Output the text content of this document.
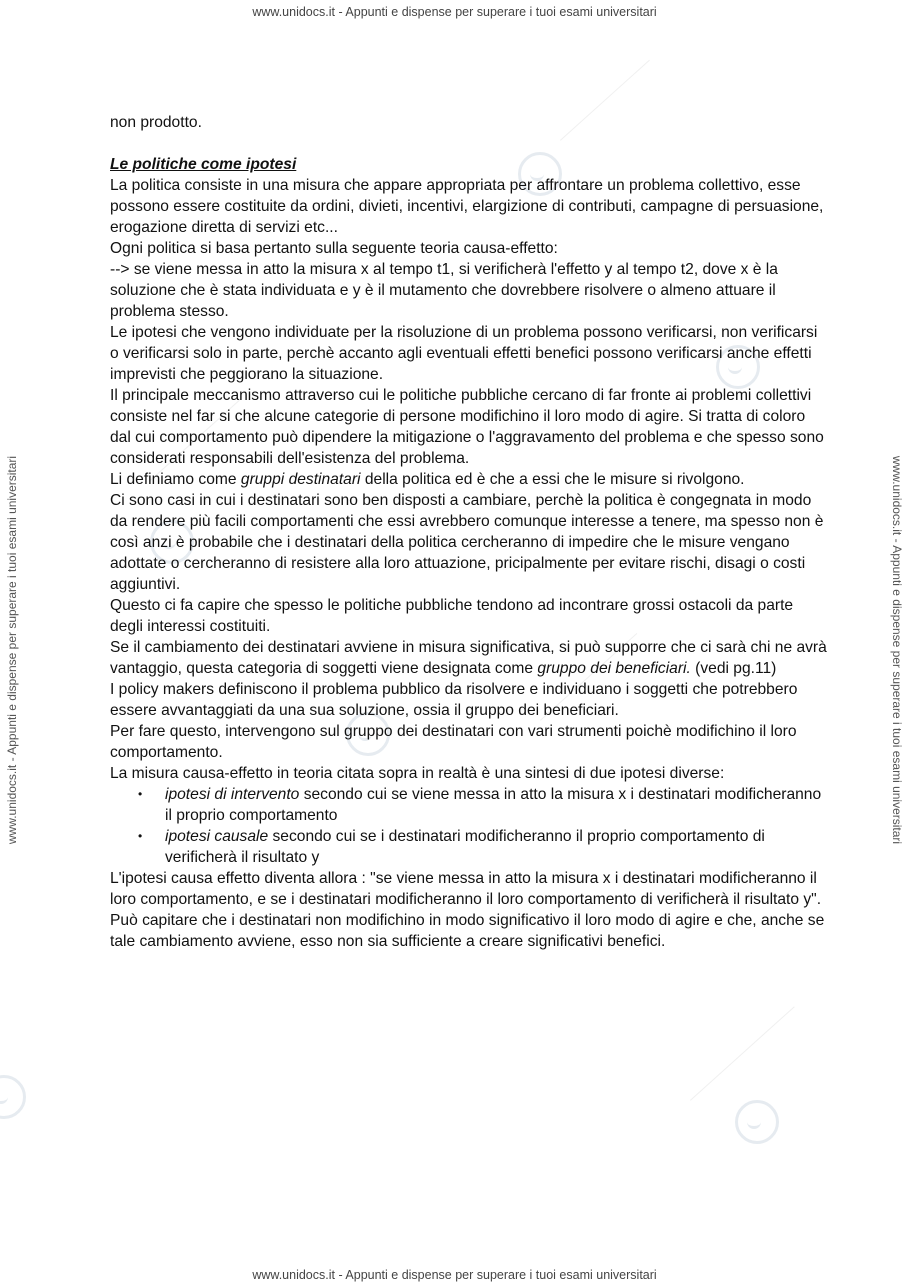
www.unidocs.it - Appunti e dispense per superare i tuoi esami universitari
www.unidocs.it - Appunti e dispense per superare i tuoi esami universitari
www.unidocs.it - Appunti e dispense per superare i tuoi esami universitari	www.unidocs.it - Appunti e dispense per superare i tuoi esami universitari

non prodotto.

Le politiche come ipotesi

La politica consiste in una misura che appare appropriata per affrontare un problema collettivo, esse possono essere costituite da ordini, divieti, incentivi, elargizione di contributi, campagne di persuasione, erogazione diretta di servizi etc...

Ogni politica si basa pertanto sulla seguente teoria causa-effetto:

--> se viene messa in atto la misura x al tempo t1, si verificherà l'effetto y al tempo t2, dove x è la soluzione che è stata individuata e y è il mutamento che dovrebbere risolvere o almeno attuare il problema stesso.

Le ipotesi che vengono individuate per la risoluzione di un problema possono verificarsi, non verificarsi o verificarsi solo in parte, perchè accanto agli eventuali effetti benefici possono verificarsi anche effetti imprevisti che peggiorano la situazione.

Il principale meccanismo attraverso cui le politiche pubbliche cercano di far fronte ai problemi collettivi consiste nel far si che alcune categorie di persone modifichino il loro modo di agire. Si tratta di coloro dal cui comportamento può dipendere la mitigazione o l'aggravamento del problema e che spesso sono considerati responsabili dell'esistenza del problema.

Li definiamo come gruppi destinatari della politica ed è che a essi che le misure si rivolgono.

Ci sono casi in cui i destinatari sono ben disposti a cambiare, perchè la politica è congegnata in modo da rendere più facili comportamenti che essi avrebbero comunque interesse a tenere, ma spesso non è così anzi è probabile che i destinatari della politica cercheranno di impedire che le misure vengano adottate o cercheranno di resistere alla loro attuazione, pricipalmente per evitare rischi, disagi o costi aggiuntivi.

Questo ci fa capire che spesso le politiche pubbliche tendono ad incontrare grossi ostacoli da parte degli interessi costituiti.

Se il cambiamento dei destinatari avviene in misura significativa, si può supporre che ci sarà chi ne avrà vantaggio, questa categoria di soggetti viene designata come gruppo dei beneficiari. (vedi pg.11)

I policy makers definiscono il problema pubblico da risolvere e individuano i soggetti che potrebbero essere avvantaggiati da una sua soluzione, ossia il gruppo dei beneficiari.

Per fare questo, intervengono sul gruppo dei destinatari con vari strumenti poichè modifichino il loro comportamento.

La misura causa-effetto in teoria citata sopra in realtà è una sintesi di due ipotesi diverse:

• ipotesi di intervento secondo cui se viene messa in atto la misura x i destinatari modificheranno il proprio comportamento
• ipotesi causale secondo cui se i destinatari modificheranno il proprio comportamento di verificherà il risultato y

L'ipotesi causa effetto diventa allora : "se viene messa in atto la misura x i destinatari modificheranno il loro comportamento, e se i destinatari modificheranno il loro comportamento di verificherà il risultato y".

Può capitare che i destinatari non modifichino in modo significativo il loro modo di agire e che, anche se tale cambiamento avviene, esso non sia sufficiente a creare significativi benefici.
